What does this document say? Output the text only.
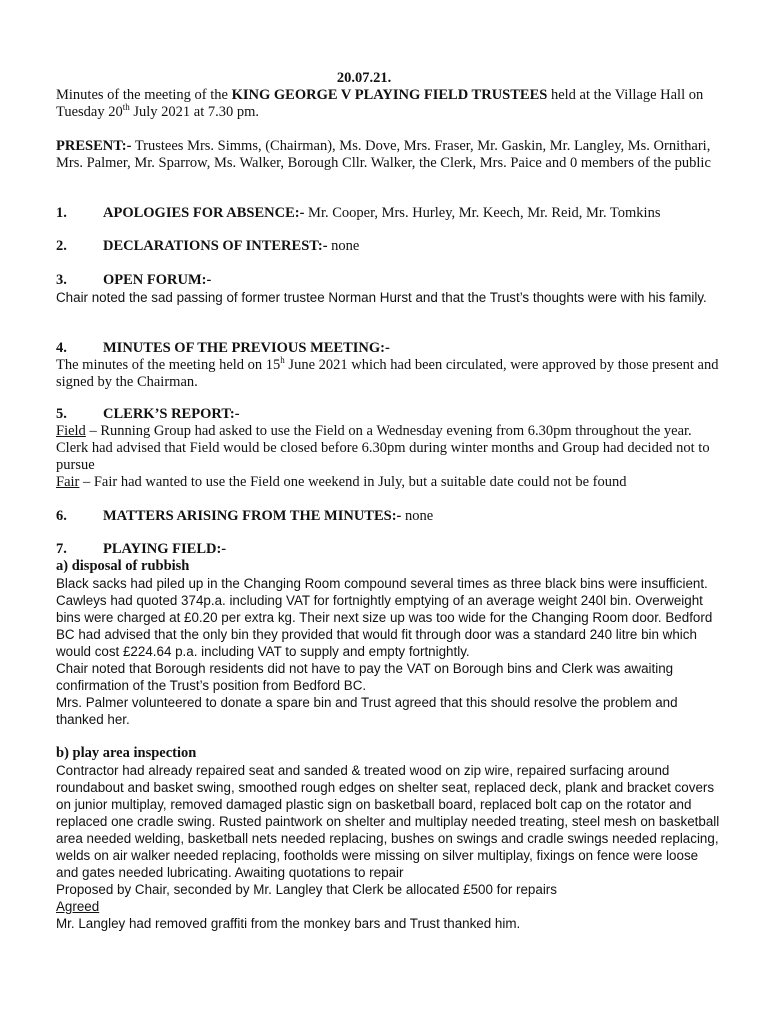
20.07.21.

Minutes of the meeting of the KING GEORGE V PLAYING FIELD TRUSTEES held at the Village Hall on Tuesday 20th July 2021 at 7.30 pm.

PRESENT:- Trustees Mrs. Simms, (Chairman), Ms. Dove, Mrs. Fraser, Mr. Gaskin, Mr. Langley, Ms. Ornithari, Mrs. Palmer, Mr. Sparrow, Ms. Walker, Borough Cllr. Walker, the Clerk, Mrs. Paice and 0 members of the public

1. APOLOGIES FOR ABSENCE:- Mr. Cooper, Mrs. Hurley, Mr. Keech, Mr. Reid, Mr. Tomkins
2. DECLARATIONS OF INTEREST:- none
3. OPEN FORUM:-

Chair noted the sad passing of former trustee Norman Hurst and that the Trust’s thoughts were with his family.

4. MINUTES OF THE PREVIOUS MEETING:-

The minutes of the meeting held on 15$^h$ June 2021 which had been circulated, were approved by those present and signed by the Chairman.

5. CLERK’S REPORT:-

Field – Running Group had asked to use the Field on a Wednesday evening from 6.30pm throughout the year. Clerk had advised that Field would be closed before 6.30pm during winter months and Group had decided not to pursue

Fair – Fair had wanted to use the Field one weekend in July, but a suitable date could not be found

6. MATTERS ARISING FROM THE MINUTES:- none
7. PLAYING FIELD:-

a) disposal of rubbish

Black sacks had piled up in the Changing Room compound several times as three black bins were insufficient. Cawleys had quoted 374p.a. including VAT for fortnightly emptying of an average weight 240l bin. Overweight bins were charged at £0.20 per extra kg. Their next size up was too wide for the Changing Room door. Bedford BC had advised that the only bin they provided that would fit through door was a standard 240 litre bin which would cost £224.64 p.a. including VAT to supply and empty fortnightly.

Chair noted that Borough residents did not have to pay the VAT on Borough bins and Clerk was awaiting confirmation of the Trust’s position from Bedford BC.

Mrs. Palmer volunteered to donate a spare bin and Trust agreed that this should resolve the problem and thanked her.

b) play area inspection

Contractor had already repaired seat and sanded & treated wood on zip wire, repaired surfacing around roundabout and basket swing, smoothed rough edges on shelter seat, replaced deck, plank and bracket covers on junior multiplay, removed damaged plastic sign on basketball board, replaced bolt cap on the rotator and replaced one cradle swing. Rusted paintwork on shelter and multiplay needed treating, steel mesh on basketball area needed welding, basketball nets needed replacing, bushes on swings and cradle swings needed replacing, welds on air walker needed replacing, footholds were missing on silver multiplay, fixings on fence were loose and gates needed lubricating. Awaiting quotations to repair

Proposed by Chair, seconded by Mr. Langley that Clerk be allocated £500 for repairs

Agreed

Mr. Langley had removed graffiti from the monkey bars and Trust thanked him.
